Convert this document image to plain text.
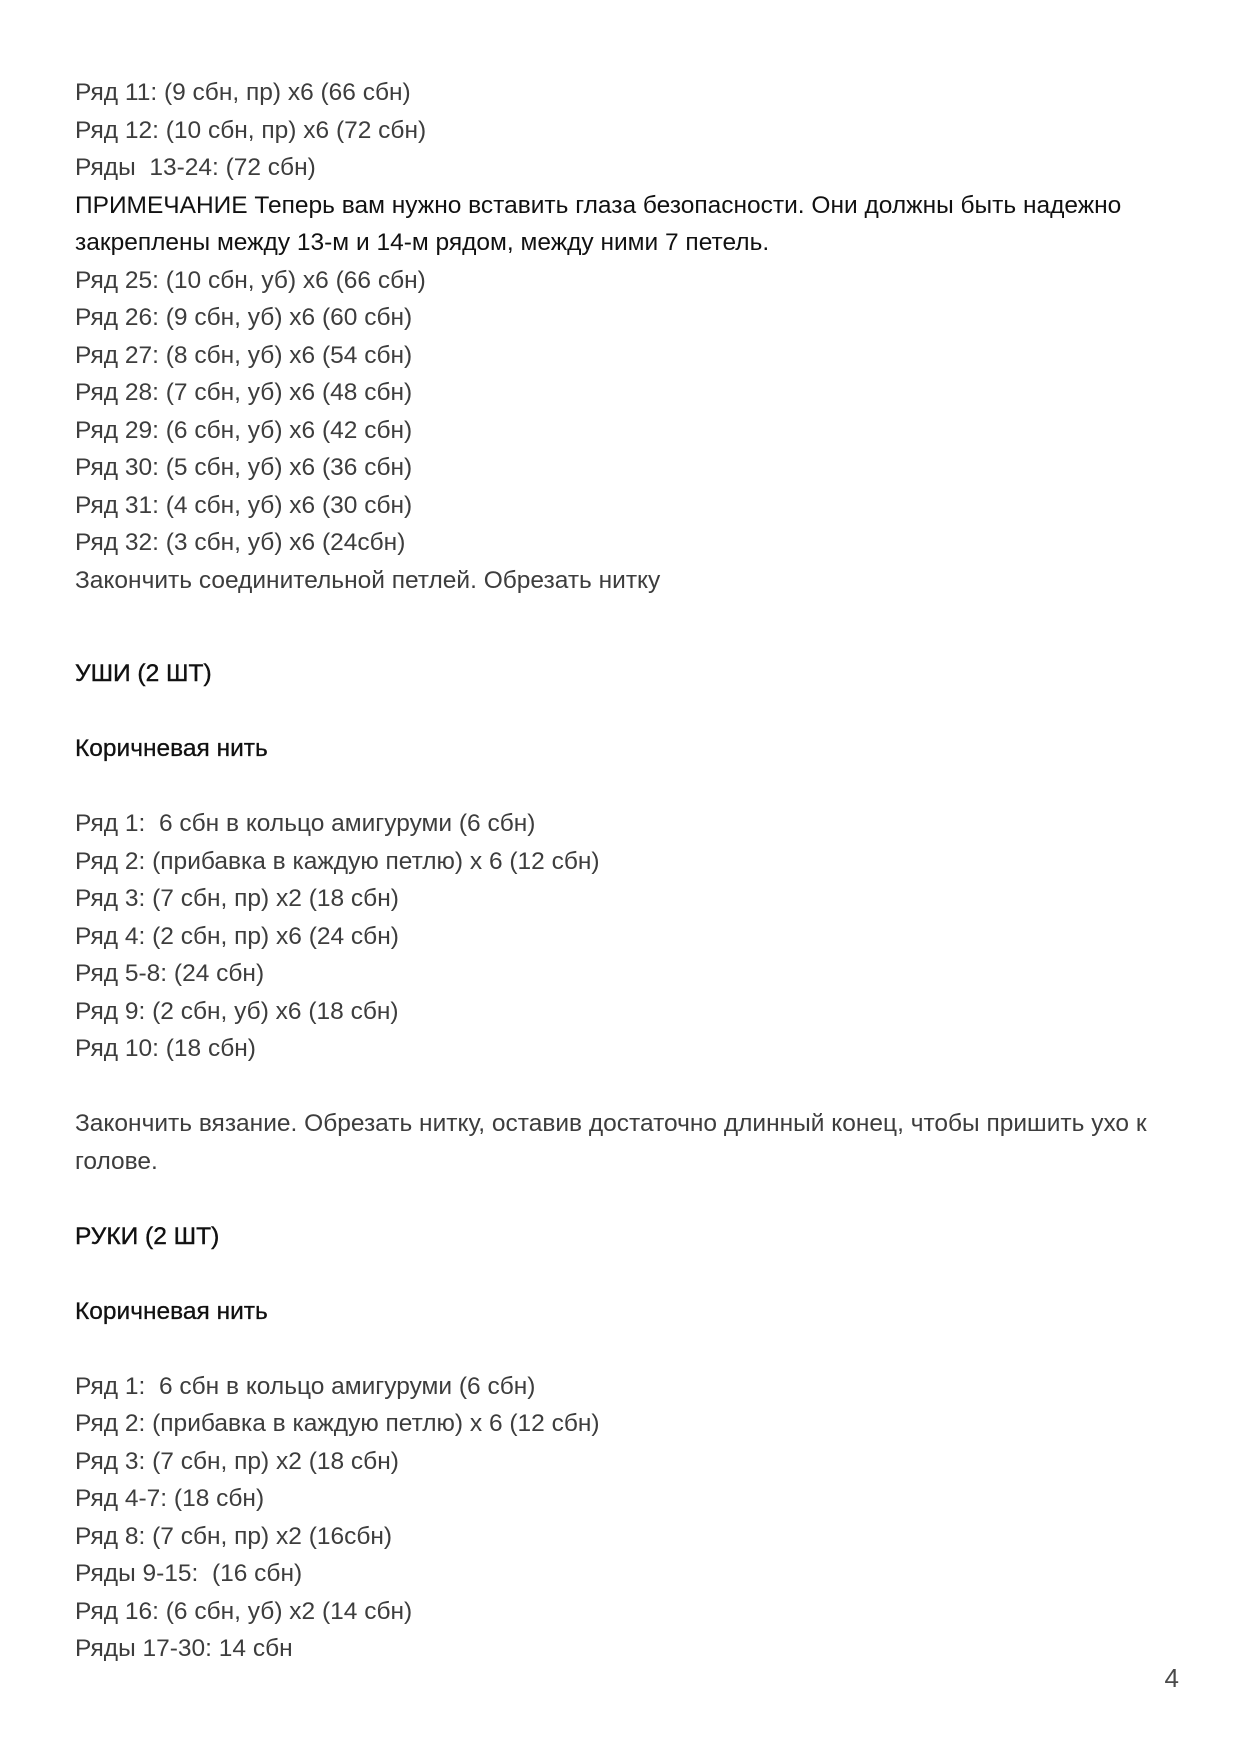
Ряд 11: (9 сбн, пр) х6 (66 сбн)
Ряд 12: (10 сбн, пр) х6 (72 сбн)
Ряды  13-24: (72 сбн)
ПРИМЕЧАНИЕ Теперь вам нужно вставить глаза безопасности. Они должны быть надежно закреплены между 13-м и 14-м рядом, между ними 7 петель.
Ряд 25: (10 сбн, уб) х6 (66 сбн)
Ряд 26: (9 сбн, уб) х6 (60 сбн)
Ряд 27: (8 сбн, уб) х6 (54 сбн)
Ряд 28: (7 сбн, уб) х6 (48 сбн)
Ряд 29: (6 сбн, уб) х6 (42 сбн)
Ряд 30: (5 сбн, уб) х6 (36 сбн)
Ряд 31: (4 сбн, уб) х6 (30 сбн)
Ряд 32: (3 сбн, уб) х6 (24сбн)
Закончить соединительной петлей. Обрезать нитку
УШИ (2 ШТ)
Коричневая нить
Ряд 1:  6 сбн в кольцо амигуруми (6 сбн)
Ряд 2: (прибавка в каждую петлю) х 6 (12 сбн)
Ряд 3: (7 сбн, пр) х2 (18 сбн)
Ряд 4: (2 сбн, пр) х6 (24 сбн)
Ряд 5-8: (24 сбн)
Ряд 9: (2 сбн, уб) х6 (18 сбн)
Ряд 10: (18 сбн)
Закончить вязание. Обрезать нитку, оставив достаточно длинный конец, чтобы пришить ухо к голове.
РУКИ (2 ШТ)
Коричневая нить
Ряд 1:  6 сбн в кольцо амигуруми (6 сбн)
Ряд 2: (прибавка в каждую петлю) х 6 (12 сбн)
Ряд 3: (7 сбн, пр) х2 (18 сбн)
Ряд 4-7: (18 сбн)
Ряд 8: (7 сбн, пр) х2 (16сбн)
Ряды 9-15:  (16 сбн)
Ряд 16: (6 сбн, уб) х2 (14 сбн)
Ряды 17-30: 14 сбн
4
